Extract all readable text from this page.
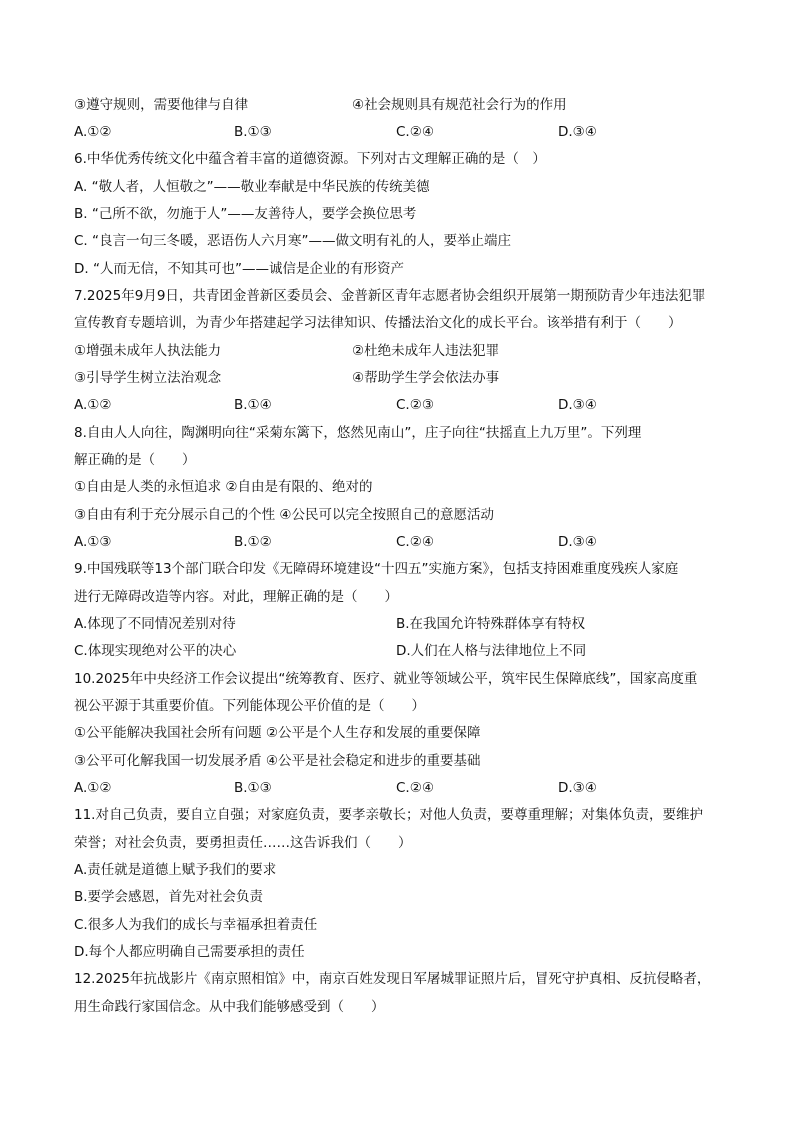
③遵守规则，需要他律与自律	④社会规则具有规范社会行为的作用
A.①②	B.①③	C.②④	D.③④
6.中华优秀传统文化中蕴含着丰富的道德资源。下列对古文理解正确的是（　）
A. “敬人者，人恒敬之”——敬业奉献是中华民族的传统美德
B. “己所不欲，勿施于人”——友善待人，要学会换位思考
C. “良言一句三冬暖，恶语伤人六月寒”——做文明有礼的人，要举止端庄
D. “人而无信，不知其可也”——诚信是企业的有形资产
7.2025年9月9日，共青团金普新区委员会、金普新区青年志愿者协会组织开展第一期预防青少年违法犯罪
宣传教育专题培训，为青少年搭建起学习法律知识、传播法治文化的成长平台。该举措有利于（　　）
①增强未成年人执法能力	②杜绝未成年人违法犯罪
③引导学生树立法治观念	④帮助学生学会依法办事
A.①②	B.①④	C.②③	D.③④
8.自由人人向往，陶渊明向往“采菊东篱下，悠然见南山”，庄子向往“扶摇直上九万里”。下列理
解正确的是（　　）
①自由是人类的永恒追求 ②自由是有限的、绝对的
③自由有利于充分展示自己的个性 ④公民可以完全按照自己的意愿活动
A.①③	B.①②	C.②④	D.③④
9.中国残联等13个部门联合印发《无障碍环境建设“十四五”实施方案》，包括支持困难重度残疾人家庭
进行无障碍改造等内容。对此，理解正确的是（　　）
A.体现了不同情况差别对待	B.在我国允许特殊群体享有特权
C.体现实现绝对公平的决心	D.人们在人格与法律地位上不同
10.2025年中央经济工作会议提出“统筹教育、医疗、就业等领域公平，筑牢民生保障底线”，国家高度重
视公平源于其重要价值。下列能体现公平价值的是（　　）
①公平能解决我国社会所有问题 ②公平是个人生存和发展的重要保障
③公平可化解我国一切发展矛盾 ④公平是社会稳定和进步的重要基础
A.①②	B.①③	C.②④	D.③④
11.对自己负责，要自立自强；对家庭负责，要孝亲敬长；对他人负责，要尊重理解；对集体负责，要维护
荣誉；对社会负责，要勇担责任……这告诉我们（　　）
A.责任就是道德上赋予我们的要求
B.要学会感恩，首先对社会负责
C.很多人为我们的成长与幸福承担着责任
D.每个人都应明确自己需要承担的责任
12.2025年抗战影片《南京照相馆》中，南京百姓发现日军屠城罪证照片后，冒死守护真相、反抗侵略者，
用生命践行家国信念。从中我们能够感受到（　　）
